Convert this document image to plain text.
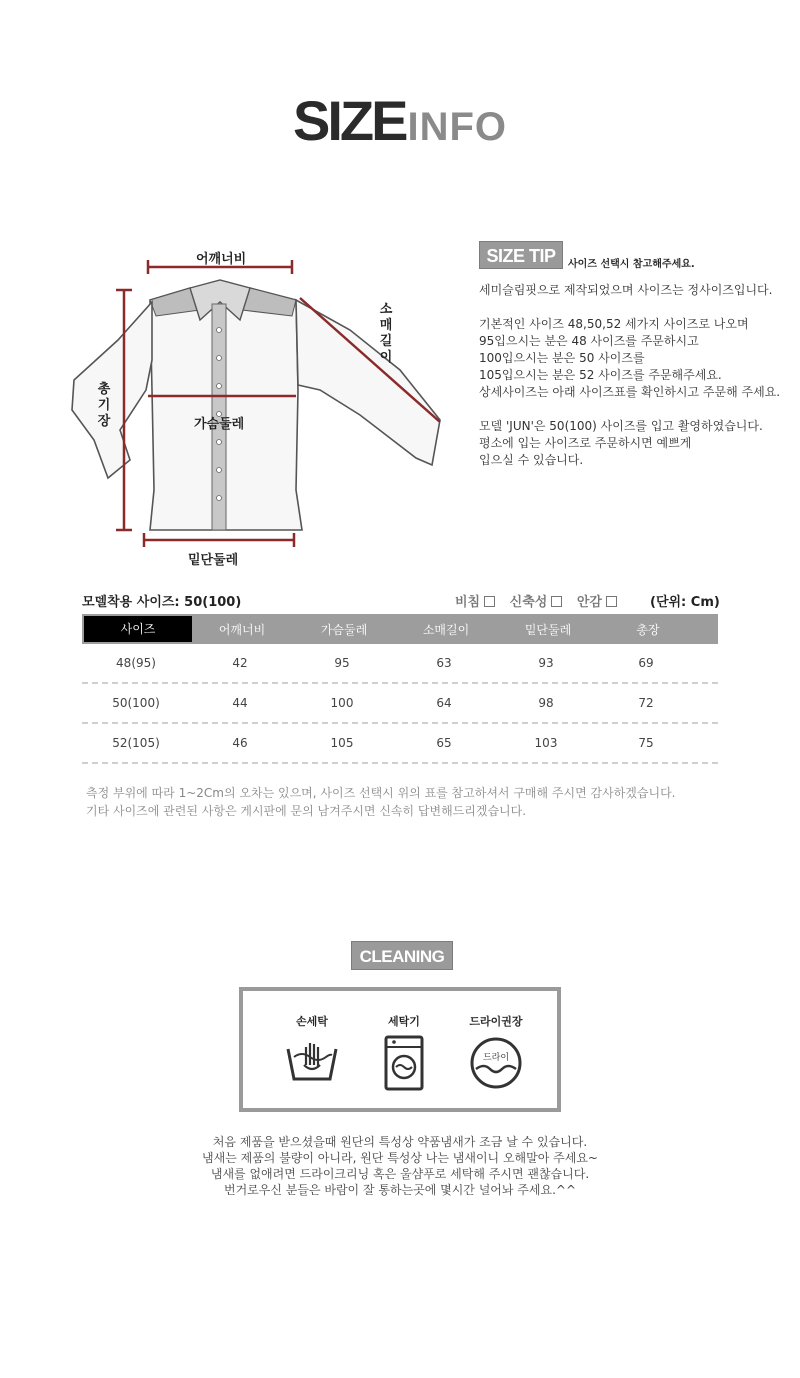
SIZEINFO
어깨너비
소매길이
총기장	가슴둘레
밑단둘레
SIZE TIP	사이즈 선택시 참고해주세요.
세미슬림핏으로 제작되었으며 사이즈는 정사이즈입니다.
기본적인 사이즈 48,50,52 세가지 사이즈로 나오며
95입으시는 분은 48 사이즈를 주문하시고
100입으시는 분은 50 사이즈를
105입으시는 분은 52 사이즈를 주문해주세요.
상세사이즈는 아래 사이즈표를 확인하시고 주문해 주세요.
모델 'JUN'은 50(100) 사이즈를 입고 촬영하였습니다.
평소에 입는 사이즈로 주문하시면 예쁘게
입으실 수 있습니다.
모델착용 사이즈: 50(100)	비침 신축성 안감	(단위: Cm)
사이즈	어깨너비	가슴둘레	소매길이	밑단둘레	총장
48(95)	42	95	63	93	69
50(100)	44	100	64	98	72
52(105)	46	105	65	103	75
측정 부위에 따라 1~2Cm의 오차는 있으며, 사이즈 선택시 위의 표를 참고하셔서 구매해 주시면 감사하겠습니다.
기타 사이즈에 관련된 사항은 게시판에 문의 남겨주시면 신속히 답변해드리겠습니다.
CLEANING
손세탁	세탁기	드라이권장
드라이
처음 제품을 받으셨을때 원단의 특성상 약품냄새가 조금 날 수 있습니다.
냄새는 제품의 불량이 아니라, 원단 특성상 나는 냄새이니 오해말아 주세요~
냄새를 없애려면 드라이크리닝 혹은 울샴푸로 세탁해 주시면 괜찮습니다.
번거로우신 분들은 바람이 잘 통하는곳에 몇시간 널어놔 주세요.^^
